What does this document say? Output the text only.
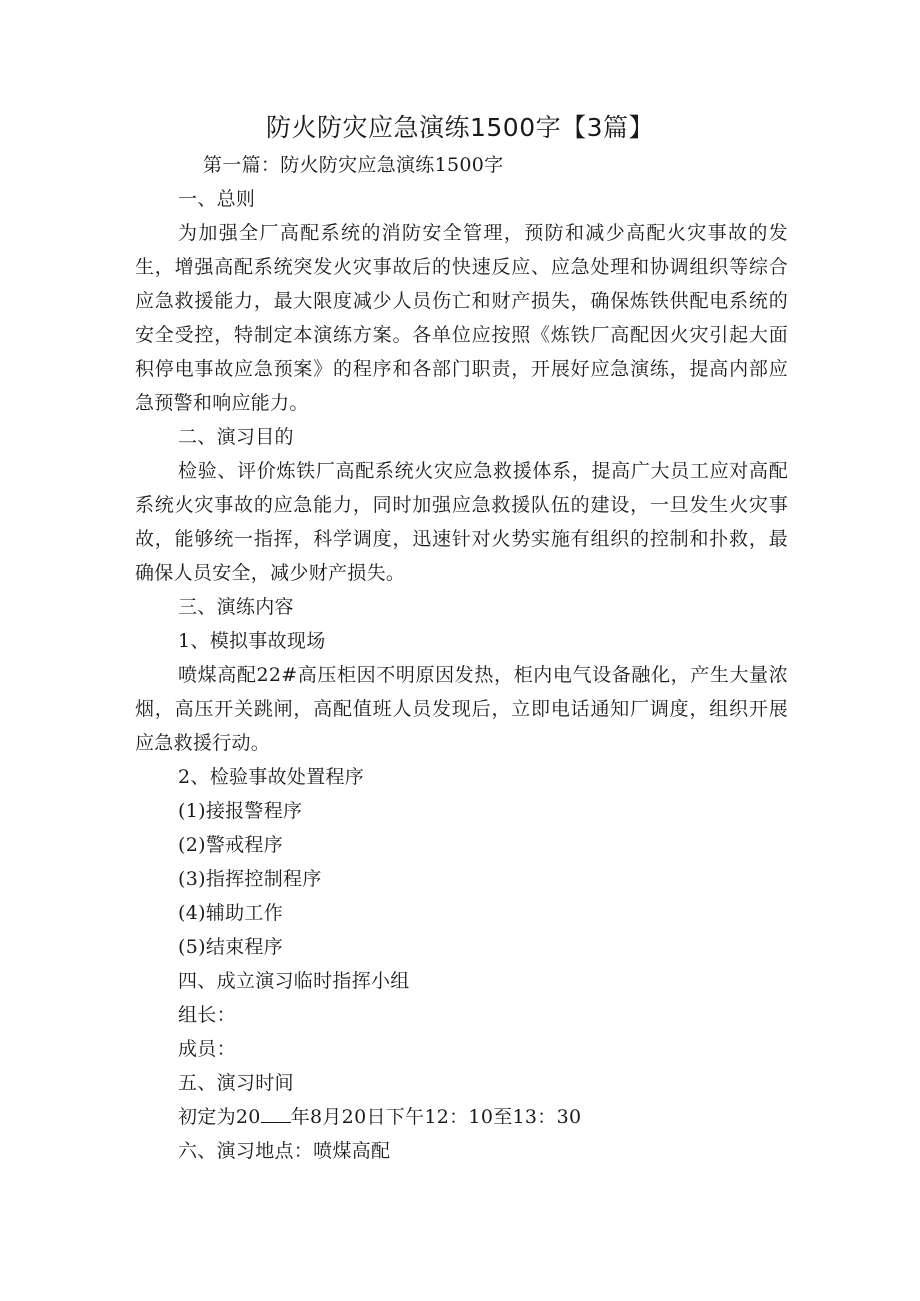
防火防灾应急演练1500字【3篇】
第一篇：防火防灾应急演练1500字
一、总则
为加强全厂高配系统的消防安全管理，预防和减少高配火灾事故的发生，增强高配系统突发火灾事故后的快速反应、应急处理和协调组织等综合应急救援能力，最大限度减少人员伤亡和财产损失，确保炼铁供配电系统的安全受控，特制定本演练方案。各单位应按照《炼铁厂高配因火灾引起大面积停电事故应急预案》的程序和各部门职责，开展好应急演练，提高内部应急预警和响应能力。
二、演习目的
检验、评价炼铁厂高配系统火灾应急救援体系，提高广大员工应对高配系统火灾事故的应急能力，同时加强应急救援队伍的建设，一旦发生火灾事故，能够统一指挥，科学调度，迅速针对火势实施有组织的控制和扑救，最确保人员安全，减少财产损失。
三、演练内容
1、模拟事故现场
喷煤高配22#高压柜因不明原因发热，柜内电气设备融化，产生大量浓烟，高压开关跳闸，高配值班人员发现后，立即电话通知厂调度，组织开展应急救援行动。
2、检验事故处置程序
(1)接报警程序
(2)警戒程序
(3)指挥控制程序
(4)辅助工作
(5)结束程序
四、成立演习临时指挥小组
组长：
成员：
五、演习时间
初定为20 年8月20日下午12：10至13：30
六、演习地点：喷煤高配
